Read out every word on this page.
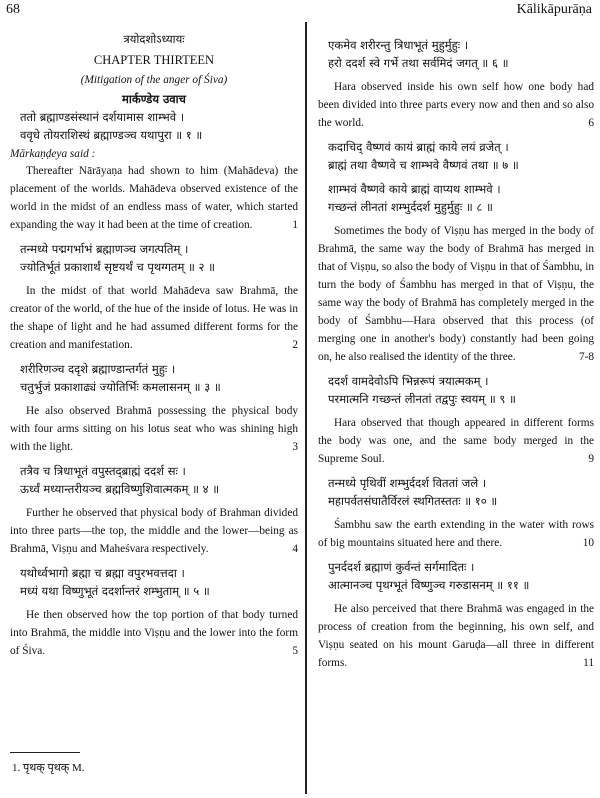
68	Kālikāpurāṇa
त्रयोदशोऽध्यायः
CHAPTER THIRTEEN
(Mitigation of the anger of Śiva)
मार्कण्डेय उवाच
ततो ब्रह्माण्डसंस्थानं दर्शयामास शाम्भवे ।
ववृधे तोयराशिस्थं ब्रह्माण्डञ्च यथापुरा ॥ १ ॥
Mārkaṇḍeya said :
Thereafter Nārāyaṇa had shown to him (Mahādeva) the placement of the worlds. Mahādeva observed existence of the world in the midst of an endless mass of water, which started expanding the way it had been at the time of creation.	1
तन्मध्ये पद्मगर्भाभं ब्रह्माणञ्च जगत्पतिम् ।
ज्योतिर्भूतं प्रकाशार्थं सृष्टयर्थं च पृथग्गतम् ॥ २ ॥
In the midst of that world Mahādeva saw Brahmā, the creator of the world, of the hue of the inside of lotus. He was in the shape of light and he had assumed different forms for the creation and manifestation.	2
शरीरिणञ्च ददृशे ब्रह्माण्डान्तर्गतं मुहुः ।
चतुर्भुजं प्रकाशाढ्यं ज्योतिर्भिः कमलासनम् ॥ ३ ॥
He also observed Brahmā possessing the physical body with four arms sitting on his lotus seat who was shining high with the light.	3
तत्रैव च त्रिधाभूतं वपुस्तद्ब्राह्मं ददर्श सः ।
ऊर्ध्वं मध्यान्तरीयञ्च ब्रह्मविष्णुशिवात्मकम् ॥ ४ ॥
Further he observed that physical body of Brahman divided into three parts—the top, the middle and the lower—being as Brahmā, Viṣṇu and Maheśvara respectively.	4
यथोर्ध्वभागो ब्रह्मा च ब्रह्मा वपुरभवत्तदा ।
मध्यं यथा विष्णुभूतं ददर्शान्तरं शम्भुताम् ॥ ५ ॥
He then observed how the top portion of that body turned into Brahmā, the middle into Viṣṇu and the lower into the form of Śiva.	5
एकमेव शरीरन्तु त्रिधाभूतं मुहुर्मुहुः ।
हरो ददर्श स्वे गर्भे तथा सर्वमिदं जगत् ॥ ६ ॥
Hara observed inside his own self how one body had been divided into three parts every now and then and so also the world.	6
कदाचिद् वैष्णवं कायं ब्राह्मं काये लयं व्रजेत् ।
ब्राह्मं तथा वैष्णवे च शाम्भवे वैष्णवं तथा ॥ ७ ॥
शाम्भवं वैष्णवे काये ब्राह्मं वाप्यथ शाम्भवे ।
गच्छन्तं लीनतां शम्भुर्ददर्श मुहुर्मुहुः ॥ ८ ॥
Sometimes the body of Viṣṇu has merged in the body of Brahmā, the same way the body of Brahmā has merged in that of Viṣṇu, so also the body of Viṣṇu in that of Śambhu, in turn the body of Śambhu has merged in that of Viṣṇu, the same way the body of Brahmā has completely merged in the body of Śambhu—Hara observed that this process (of merging one in another's body) constantly had been going on, he also realised the identity of the three.	7-8
ददर्श वामदेवोऽपि भिन्नरूपं त्रयात्मकम् ।
परमात्मनि गच्छन्तं लीनतां तद्वपुः स्वयम् ॥ ९ ॥
Hara observed that though appeared in different forms the body was one, and the same body merged in the Supreme Soul.	9
तन्मध्ये पृथिवीं शम्भुर्ददर्श विततां जले ।
महापर्वतसंघातैर्विरलं स्थगितस्ततः ॥ १० ॥
Śambhu saw the earth extending in the water with rows of big mountains situated here and there.	10
पुनर्ददर्श ब्रह्माणं कुर्वन्तं सर्गमादितः ।
आत्मानञ्च पृथग्भूतं विष्णुञ्च गरुडासनम् ॥ ११ ॥
He also perceived that there Brahmā was engaged in the process of creation from the beginning, his own self, and Viṣṇu seated on his mount Garuḍa—all three in different forms.	11
1. पृथक् पृथक् M.
